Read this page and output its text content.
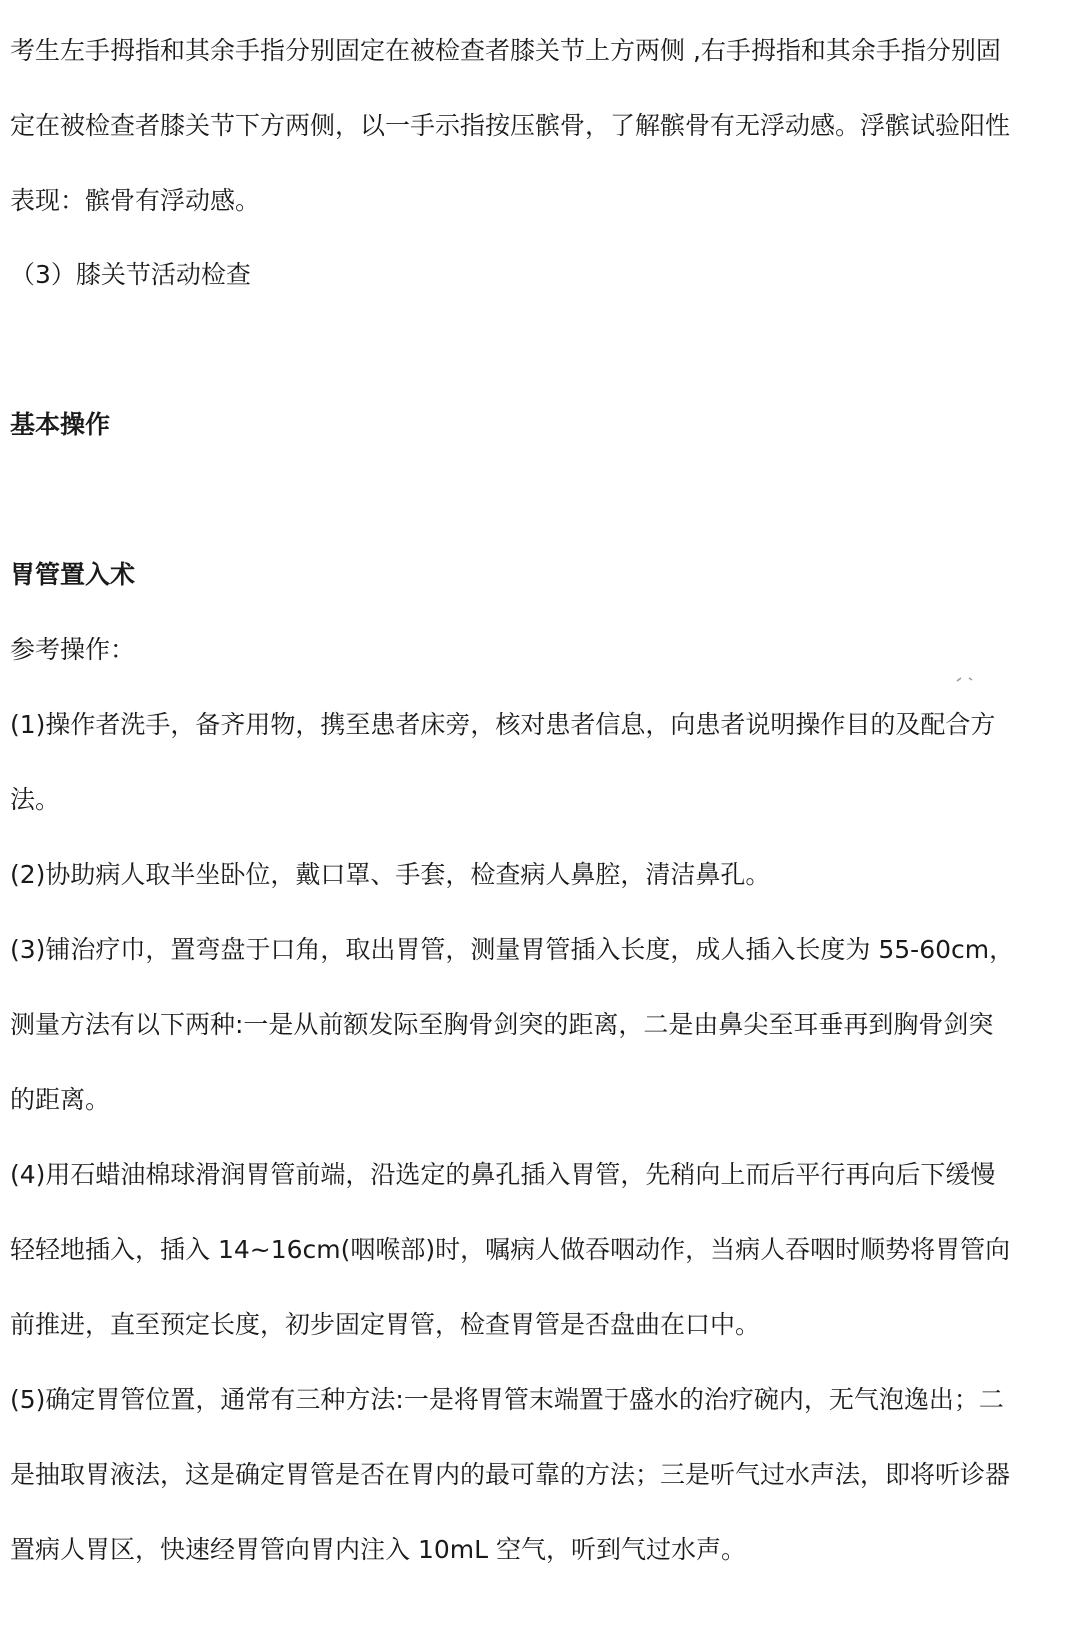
考生左手拇指和其余手指分别固定在被检查者膝关节上方两侧 ,右手拇指和其余手指分别固
定在被检查者膝关节下方两侧，以一手示指按压髌骨，了解髌骨有无浮动感。浮髌试验阳性
表现：髌骨有浮动感。
（3）膝关节活动检查
基本操作
胃管置入术
参考操作：
(1)操作者洗手，备齐用物，携至患者床旁，核对患者信息，向患者说明操作目的及配合方
法。
(2)协助病人取半坐卧位，戴口罩、手套，检查病人鼻腔，清洁鼻孔。
(3)铺治疗巾，置弯盘于口角，取出胃管，测量胃管插入长度，成人插入长度为 55-60cm，
测量方法有以下两种:一是从前额发际至胸骨剑突的距离，二是由鼻尖至耳垂再到胸骨剑突
的距离。
(4)用石蜡油棉球滑润胃管前端，沿选定的鼻孔插入胃管，先稍向上而后平行再向后下缓慢
轻轻地插入，插入 14~16cm(咽喉部)时，嘱病人做吞咽动作，当病人吞咽时顺势将胃管向
前推进，直至预定长度，初步固定胃管，检查胃管是否盘曲在口中。
(5)确定胃管位置，通常有三种方法:一是将胃管末端置于盛水的治疗碗内，无气泡逸出；二
是抽取胃液法，这是确定胃管是否在胃内的最可靠的方法；三是听气过水声法，即将听诊器
置病人胃区，快速经胃管向胃内注入 10mL 空气，听到气过水声。
